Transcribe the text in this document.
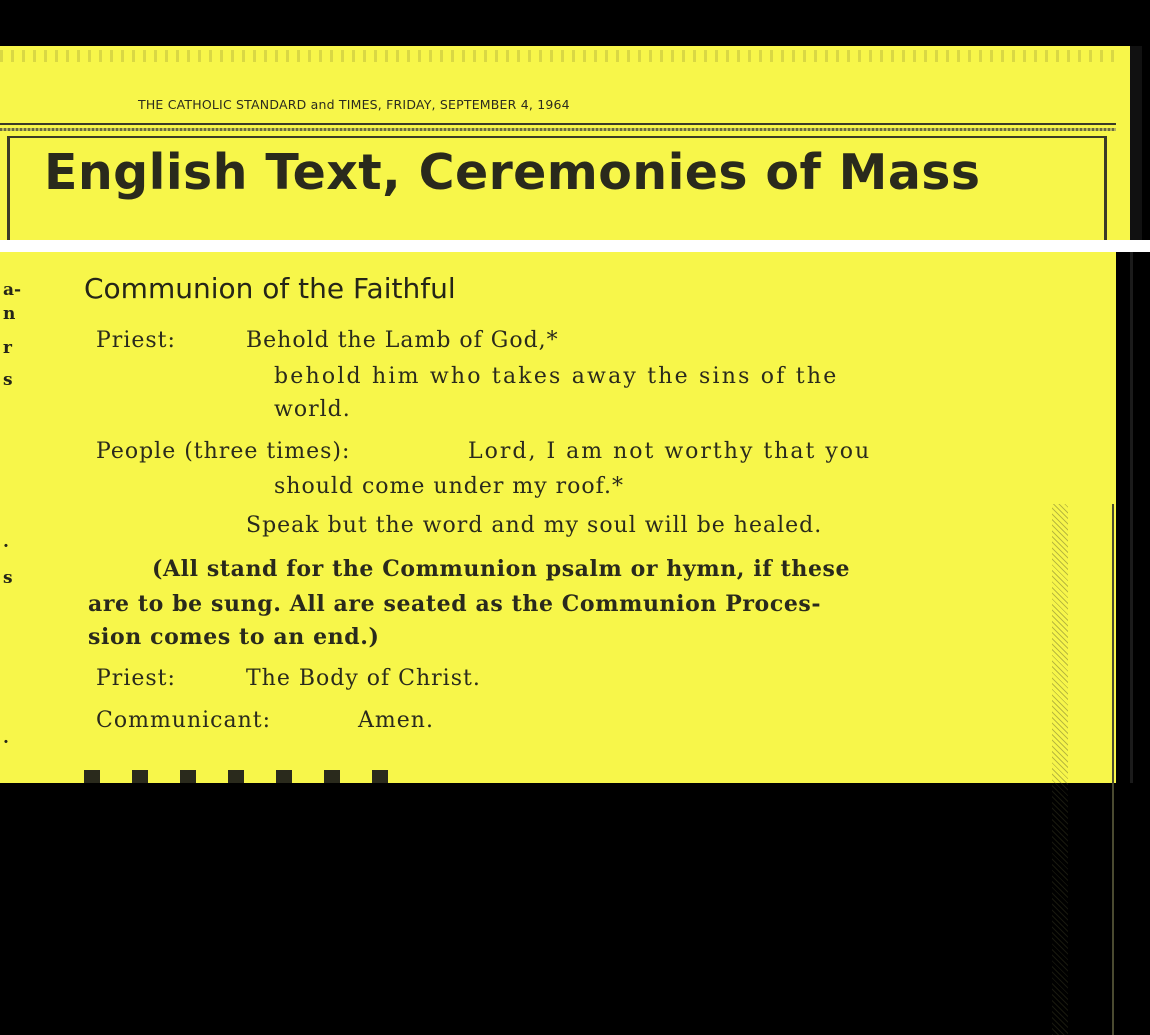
THE CATHOLIC STANDARD and TIMES, FRIDAY, SEPTEMBER 4, 1964
English Text, Ceremonies of Mass
a-
n
r
s
.
s
.
Communion of the Faithful
Priest:	Behold the Lamb of God,*
behold him who takes away the sins of the
world.
People (three times):	Lord, I am not worthy that you
should come under my roof.*
Speak but the word and my soul will be healed.
(All stand for the Communion psalm or hymn, if these
are to be sung. All are seated as the Communion Proces-
sion comes to an end.)
Priest:	The Body of Christ.
Communicant:	Amen.
